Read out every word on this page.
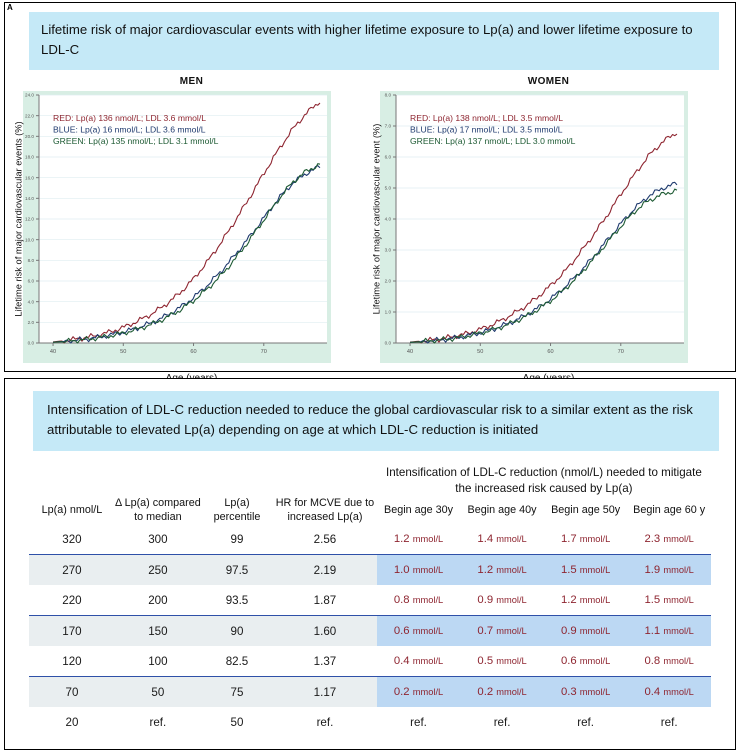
A
Lifetime risk of major cardiovascular events with higher lifetime exposure to Lp(a) and lower lifetime exposure to LDL-C
MEN
Lifetime risk of major cardiovascular events (%)
0.0
2.0
4.0
6.0
8.0
10.0
12.0
14.0
16.0
18.0
20.0
22.0
24.0
40	50	60	70
RED: Lp(a) 136 nmol/L; LDL 3.6 mmol/L
BLUE: Lp(a) 16 nmol/L; LDL 3.6 mmol/L
GREEN: Lp(a) 135 nmol/L; LDL 3.1 mmol/L
WOMEN
Lifetime risk of major cardiovascular event (%)
0.0
1.0
2.0
3.0
4.0
5.0
6.0
7.0
8.0
40	50	60	70
RED: Lp(a) 138 nmol/L; LDL 3.5 mmol/L
BLUE: Lp(a) 17 nmol/L; LDL 3.5 mmol/L
GREEN: Lp(a) 137 nmol/L; LDL 3.0 mmol/L
Intensification of LDL-C reduction needed to reduce the global cardiovascular risk to a similar extent as the risk attributable to elevated Lp(a) depending on age at which LDL-C reduction is initiated
				Intensification of LDL-C reduction (nmol/L) needed to mitigate the increased risk caused by Lp(a)			
Lp(a) nmol/L	Δ Lp(a) compared to median	Lp(a) percentile	HR for MCVE due to increased Lp(a)	Begin age 30y	Begin age 40y	Begin age 50y	Begin age 60 y
320	300	99	2.56	1.2 mmol/L	1.4 mmol/L	1.7 mmol/L	2.3 mmol/L
270	250	97.5	2.19	1.0 mmol/L	1.2 mmol/L	1.5 mmol/L	1.9 mmol/L
220	200	93.5	1.87	0.8 mmol/L	0.9 mmol/L	1.2 mmol/L	1.5 mmol/L
170	150	90	1.60	0.6 mmol/L	0.7 mmol/L	0.9 mmol/L	1.1 mmol/L
120	100	82.5	1.37	0.4 mmol/L	0.5 mmol/L	0.6 mmol/L	0.8 mmol/L
70	50	75	1.17	0.2 mmol/L	0.2 mmol/L	0.3 mmol/L	0.4 mmol/L
20	ref.	50	ref.	ref.	ref.	ref.	ref.
